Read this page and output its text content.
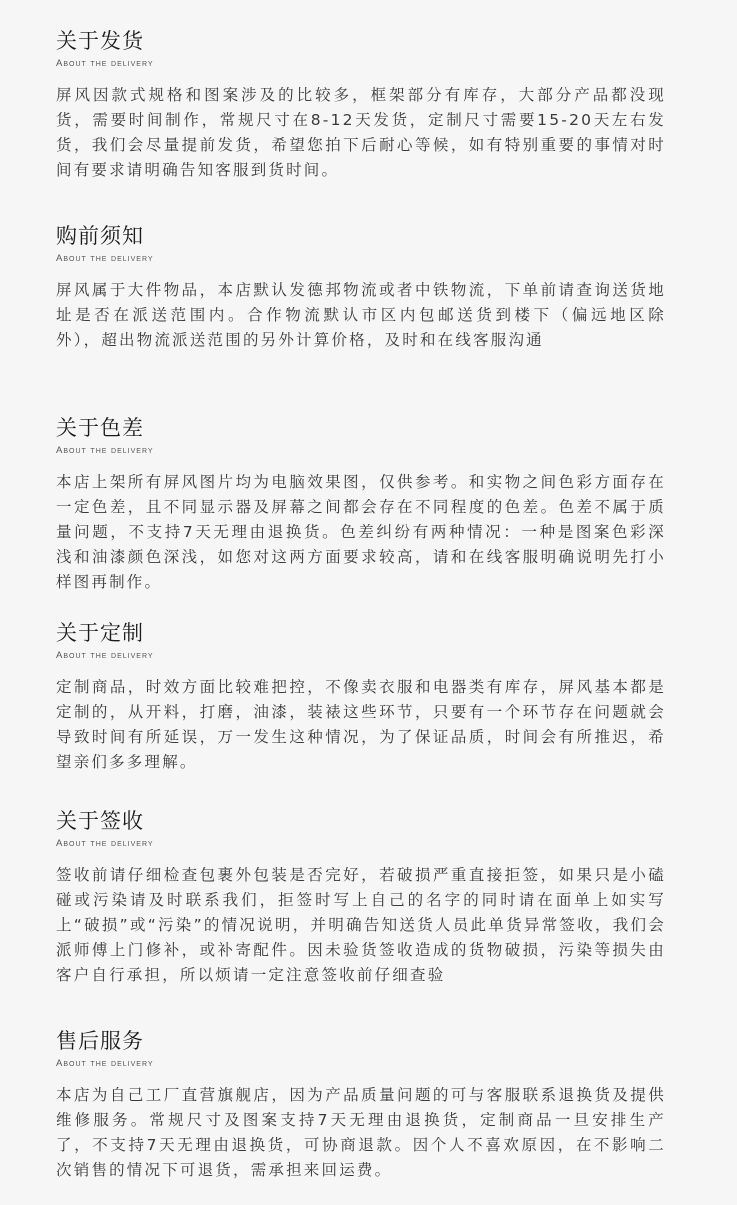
关于发货
About the delivery

屏风因款式规格和图案涉及的比较多，框架部分有库存，大部分产品都没现货，需要时间制作，常规尺寸在8-12天发货，定制尺寸需要15-20天左右发货，我们会尽量提前发货，希望您拍下后耐心等候，如有特别重要的事情对时间有要求请明确告知客服到货时间。

购前须知
About the delivery

屏风属于大件物品，本店默认发德邦物流或者中铁物流，下单前请查询送货地址是否在派送范围内。合作物流默认市区内包邮送货到楼下（偏远地区除外），超出物流派送范围的另外计算价格，及时和在线客服沟通

关于色差
About the delivery

本店上架所有屏风图片均为电脑效果图，仅供参考。和实物之间色彩方面存在一定色差，且不同显示器及屏幕之间都会存在不同程度的色差。色差不属于质量问题，不支持7天无理由退换货。色差纠纷有两种情况：一种是图案色彩深浅和油漆颜色深浅，如您对这两方面要求较高，请和在线客服明确说明先打小样图再制作。

关于定制
About the delivery

定制商品，时效方面比较难把控，不像卖衣服和电器类有库存，屏风基本都是定制的，从开料，打磨，油漆，装裱这些环节，只要有一个环节存在问题就会导致时间有所延误，万一发生这种情况，为了保证品质，时间会有所推迟，希望亲们多多理解。

关于签收
About the delivery

签收前请仔细检查包裹外包装是否完好，若破损严重直接拒签，如果只是小磕碰或污染请及时联系我们，拒签时写上自己的名字的同时请在面单上如实写上“破损”或“污染”的情况说明，并明确告知送货人员此单货异常签收，我们会派师傅上门修补，或补寄配件。因未验货签收造成的货物破损，污染等损失由客户自行承担，所以烦请一定注意签收前仔细查验

售后服务
About the delivery

本店为自己工厂直营旗舰店，因为产品质量问题的可与客服联系退换货及提供维修服务。常规尺寸及图案支持7天无理由退换货，定制商品一旦安排生产了，不支持7天无理由退换货，可协商退款。因个人不喜欢原因，在不影响二次销售的情况下可退货，需承担来回运费。
